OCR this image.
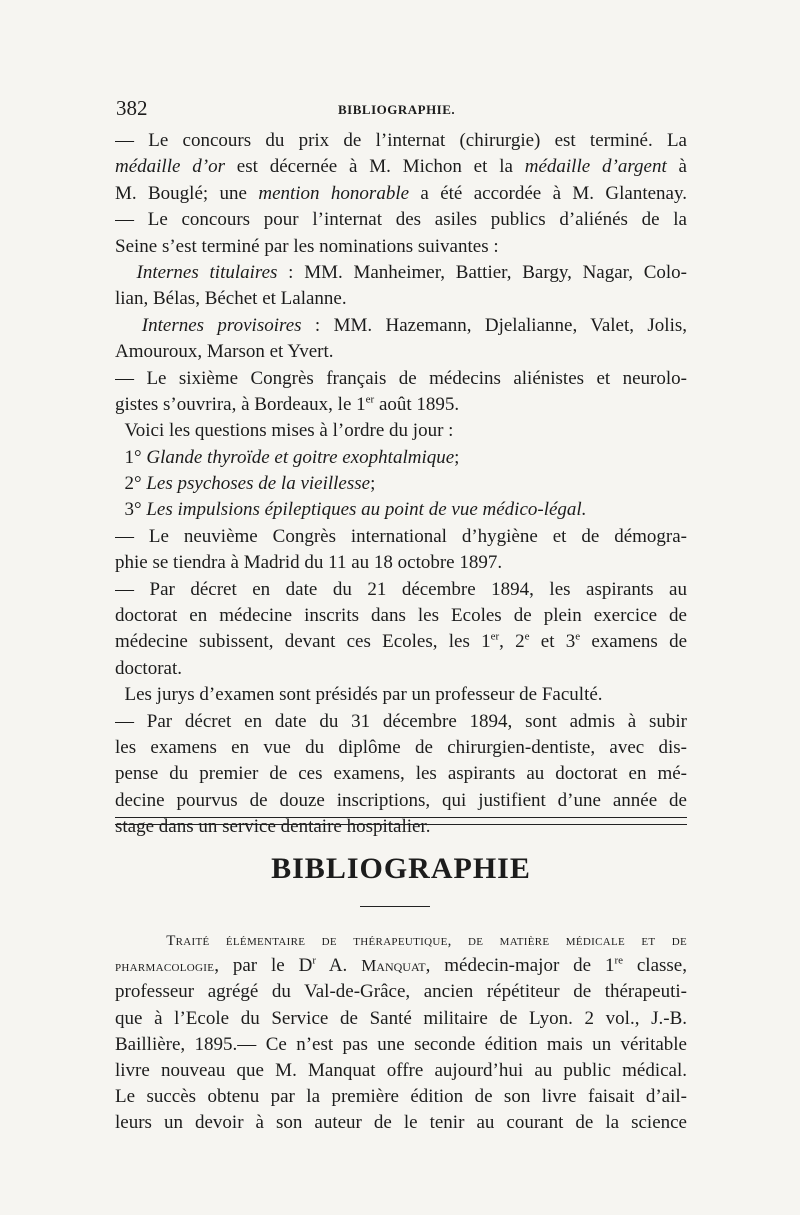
382	BIBLIOGRAPHIE.
— Le concours du prix de l’internat (chirurgie) est terminé. La
médaille d’or est décernée à M. Michon et la médaille d’argent à
M. Bouglé; une mention honorable a été accordée à M. Glantenay.
— Le concours pour l’internat des asiles publics d’aliénés de la
Seine s’est terminé par les nominations suivantes :
Internes titulaires : MM. Manheimer, Battier, Bargy, Nagar, Colo-
lian, Bélas, Béchet et Lalanne.
Internes provisoires : MM. Hazemann, Djelalianne, Valet, Jolis,
Amouroux, Marson et Yvert.
— Le sixième Congrès français de médecins aliénistes et neurolo-
gistes s’ouvrira, à Bordeaux, le 1er août 1895.
Voici les questions mises à l’ordre du jour :
1° Glande thyroïde et goitre exophtalmique;
2° Les psychoses de la vieillesse;
3° Les impulsions épileptiques au point de vue médico-légal.
— Le neuvième Congrès international d’hygiène et de démogra-
phie se tiendra à Madrid du 11 au 18 octobre 1897.
— Par décret en date du 21 décembre 1894, les aspirants au
doctorat en médecine inscrits dans les Ecoles de plein exercice de
médecine subissent, devant ces Ecoles, les 1er, 2e et 3e examens de
doctorat.
Les jurys d’examen sont présidés par un professeur de Faculté.
— Par décret en date du 31 décembre 1894, sont admis à subir
les examens en vue du diplôme de chirurgien-dentiste, avec dis-
pense du premier de ces examens, les aspirants au doctorat en mé-
decine pourvus de douze inscriptions, qui justifient d’une année de
stage dans un service dentaire hospitalier.
BIBLIOGRAPHIE
Traité élémentaire de thérapeutique, de matière médicale et de
pharmacologie, par le $D^r$ A. Manquat, médecin-major de 1re classe,
professeur agrégé du Val-de-Grâce, ancien répétiteur de thérapeuti-
que à l’Ecole du Service de Santé militaire de Lyon. 2 vol., J.-B.
Baillière, 1895.— Ce n’est pas une seconde édition mais un véritable
livre nouveau que M. Manquat offre aujourd’hui au public médical.
Le succès obtenu par la première édition de son livre faisait d’ail-
leurs un devoir à son auteur de le tenir au courant de la science
